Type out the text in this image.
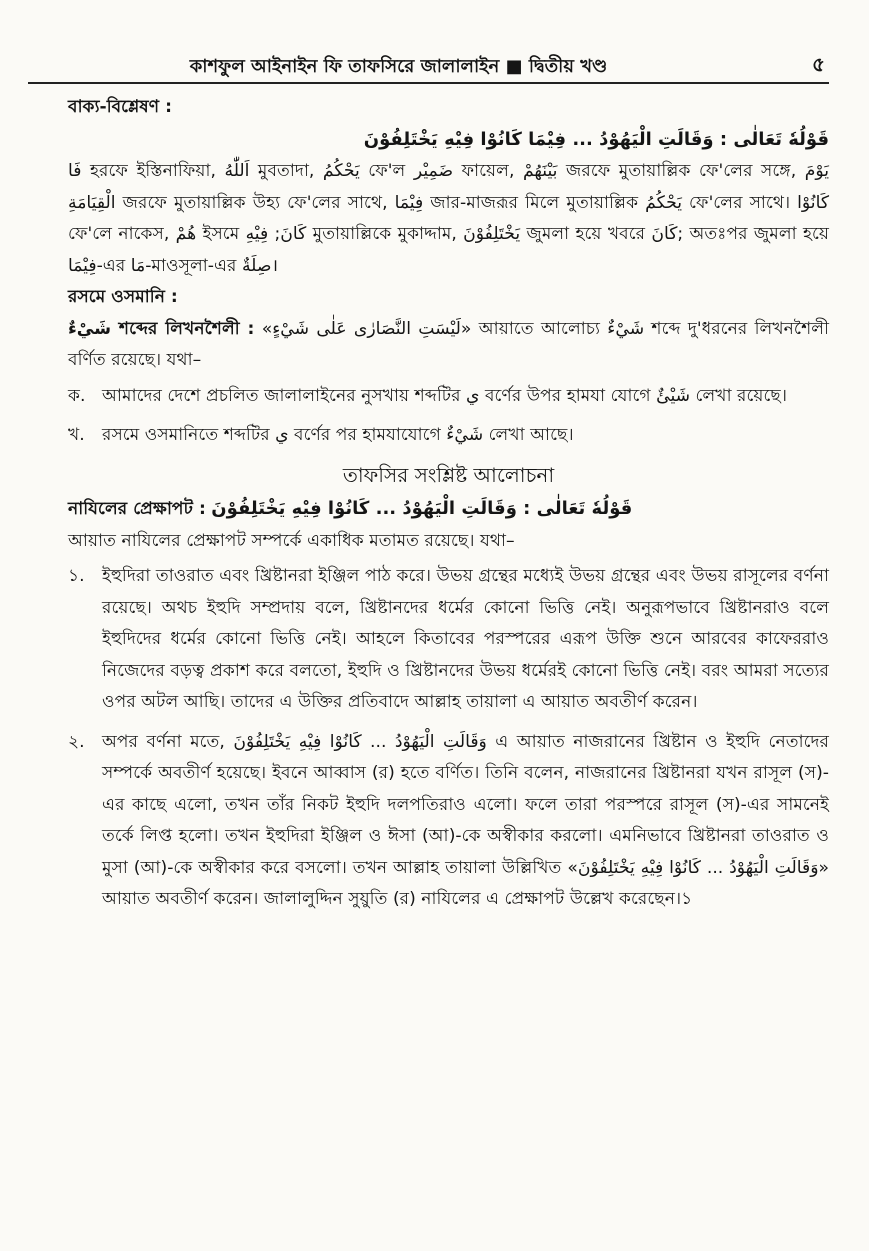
কাশফুল আইনাইন ফি তাফসিরে জালালাইন ■ দ্বিতীয় খণ্ড	৫

বাক্য-বিশ্লেষণ :

قَوْلُهٗ تَعَالٰى : وَقَالَتِ الْيَهُوْدُ ... فِيْمَا كَانُوْا فِيْهِ يَخْتَلِفُوْنَ

فَا হরফে ইস্তিনাফিয়া, اَللّٰهُ মুবতাদা, يَحْكُمُ ফে'ল ضَمِيْر ফায়েল, بَيْنَهُمْ জরফে মুতায়াল্লিক ফে'লের সঙ্গে, يَوْمَ الْقِيَامَةِ জরফে মুতায়াল্লিক উহ্য ফে'লের সাথে, فِيْمَا জার-মাজরূর মিলে মুতায়াল্লিক يَحْكُمُ ফে'লের সাথে। كَانُوْا ফে'লে নাকেস, هُمْ ইসমে كَانَ; فِيْهِ মুতায়াল্লিকে মুকাদ্দাম, يَخْتَلِفُوْنَ জুমলা হয়ে খবরে كَانَ; অতঃপর জুমলা হয়ে فِيْمَا-এর مَا-মাওসূলা-এর صِلَةٌ।

রসমে ওসমানি :

شَيْءٌ শব্দের লিখনশৈলী : «لَيْسَتِ النَّصَارٰى عَلٰى شَيْءٍ» আয়াতে আলোচ্য شَيْءٌ শব্দে দু'ধরনের লিখনশৈলী বর্ণিত রয়েছে। যথা–

ক. আমাদের দেশে প্রচলিত জালালাইনের নুসখায় শব্দটির ي বর্ণের উপর হামযা যোগে شَيْئٌ লেখা রয়েছে।
খ. রসমে ওসমানিতে শব্দটির ي বর্ণের পর হামযাযোগে شَيْءٌ লেখা আছে।

তাফসির সংশ্লিষ্ট আলোচনা

নাযিলের প্রেক্ষাপট : قَوْلُهٗ تَعَالٰى : وَقَالَتِ الْيَهُوْدُ ... كَانُوْا فِيْهِ يَخْتَلِفُوْنَ

আয়াত নাযিলের প্রেক্ষাপট সম্পর্কে একাধিক মতামত রয়েছে। যথা–

১. ইহুদিরা তাওরাত এবং খ্রিষ্টানরা ইঞ্জিল পাঠ করে। উভয় গ্রন্থের মধ্যেই উভয় গ্রন্থের এবং উভয় রাসূলের বর্ণনা রয়েছে। অথচ ইহুদি সম্প্রদায় বলে, খ্রিষ্টানদের ধর্মের কোনো ভিত্তি নেই। অনুরূপভাবে খ্রিষ্টানরাও বলে ইহুদিদের ধর্মের কোনো ভিত্তি নেই। আহলে কিতাবের পরস্পরের এরূপ উক্তি শুনে আরবের কাফেররাও নিজেদের বড়ত্ব প্রকাশ করে বলতো, ইহুদি ও খ্রিষ্টানদের উভয় ধর্মেরই কোনো ভিত্তি নেই। বরং আমরা সত্যের ওপর অটল আছি। তাদের এ উক্তির প্রতিবাদে আল্লাহ তায়ালা এ আয়াত অবতীর্ণ করেন।
২. অপর বর্ণনা মতে, وَقَالَتِ الْيَهُوْدُ ... كَانُوْا فِيْهِ يَخْتَلِفُوْنَ এ আয়াত নাজরানের খ্রিষ্টান ও ইহুদি নেতাদের সম্পর্কে অবতীর্ণ হয়েছে। ইবনে আব্বাস (র) হতে বর্ণিত। তিনি বলেন, নাজরানের খ্রিষ্টানরা যখন রাসূল (স)-এর কাছে এলো, তখন তাঁর নিকট ইহুদি দলপতিরাও এলো। ফলে তারা পরস্পরে রাসূল (স)-এর সামনেই তর্কে লিপ্ত হলো। তখন ইহুদিরা ইঞ্জিল ও ঈসা (আ)-কে অস্বীকার করলো। এমনিভাবে খ্রিষ্টানরা তাওরাত ও মুসা (আ)-কে অস্বীকার করে বসলো। তখন আল্লাহ তায়ালা উল্লিখিত «وَقَالَتِ الْيَهُوْدُ ... كَانُوْا فِيْهِ يَخْتَلِفُوْنَ» আয়াত অবতীর্ণ করেন। জালালুদ্দিন সুয়ুতি (র) নাযিলের এ প্রেক্ষাপট উল্লেখ করেছেন।১
